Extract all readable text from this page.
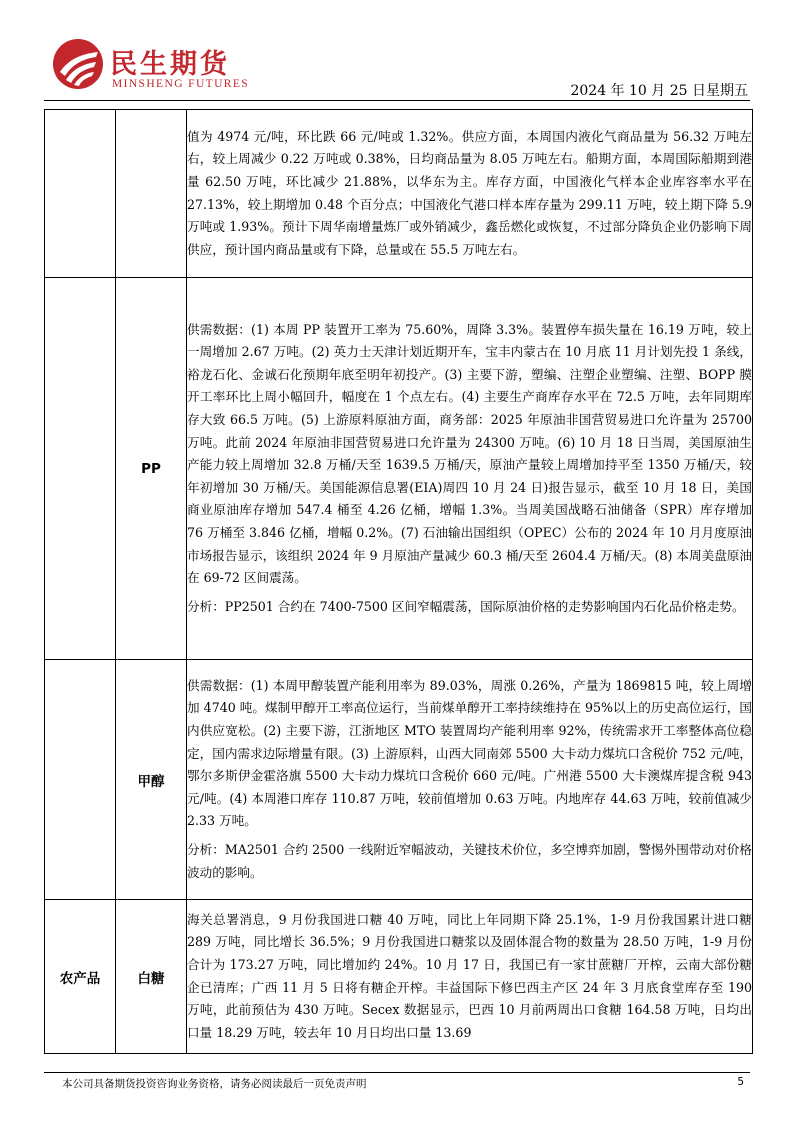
民生期货
MINSHENG FUTURES	2024 年 10 月 25 日星期五

		值为 4974 元/吨，环比跌 66 元/吨或 1.32%。供应方面，本周国内液化气商品量为 56.32 万吨左右，较上周减少 0.22 万吨或 0.38%，日均商品量为 8.05 万吨左右。船期方面，本周国际船期到港量 62.50 万吨，环比减少 21.88%，以华东为主。库存方面，中国液化气样本企业库容率水平在 27.13%，较上期增加 0.48 个百分点；中国液化气港口样本库存量为 299.11 万吨，较上期下降 5.9 万吨或 1.93%。预计下周华南增量炼厂或外销减少，鑫岳燃化或恢复，不过部分降负企业仍影响下周供应，预计国内商品量或有下降，总量或在 55.5 万吨左右。

	PP	供需数据：(1) 本周 PP 装置开工率为 75.60%，周降 3.3%。装置停车损失量在 16.19 万吨，较上一周增加 2.67 万吨。(2) 英力士天津计划近期开车，宝丰内蒙古在 10 月底 11 月计划先投 1 条线，裕龙石化、金诚石化预期年底至明年初投产。(3) 主要下游，塑编、注塑企业塑编、注塑、BOPP 膜开工率环比上周小幅回升，幅度在 1 个点左右。(4) 主要生产商库存水平在 72.5 万吨，去年同期库存大致 66.5 万吨。(5) 上游原料原油方面，商务部：2025 年原油非国营贸易进口允许量为 25700 万吨。此前 2024 年原油非国营贸易进口允许量为 24300 万吨。(6) 10 月 18 日当周，美国原油生产能力较上周增加 32.8 万桶/天至 1639.5 万桶/天，原油产量较上周增加持平至 1350 万桶/天，较年初增加 30 万桶/天。美国能源信息署(EIA)周四 10 月 24 日)报告显示，截至 10 月 18 日，美国商业原油库存增加 547.4 桶至 4.26 亿桶，增幅 1.3%。当周美国战略石油储备（SPR）库存增加 76 万桶至 3.846 亿桶，增幅 0.2%。(7) 石油输出国组织（OPEC）公布的 2024 年 10 月月度原油市场报告显示，该组织 2024 年 9 月原油产量减少 60.3 桶/天至 2604.4 万桶/天。(8) 本周美盘原油在 69-72 区间震荡。

分析：PP2501 合约在 7400-7500 区间窄幅震荡，国际原油价格的走势影响国内石化品价格走势。

	甲醇	供需数据：(1) 本周甲醇装置产能利用率为 89.03%，周涨 0.26%，产量为 1869815 吨，较上周增加 4740 吨。煤制甲醇开工率高位运行，当前煤单醇开工率持续维持在 95%以上的历史高位运行，国内供应宽松。(2) 主要下游，江浙地区 MTO 装置周均产能利用率 92%，传统需求开工率整体高位稳定，国内需求边际增量有限。(3) 上游原料，山西大同南郊 5500 大卡动力煤坑口含税价 752 元/吨，鄂尔多斯伊金霍洛旗 5500 大卡动力煤坑口含税价 660 元/吨。广州港 5500 大卡澳煤库提含税 943 元/吨。(4) 本周港口库存 110.87 万吨，较前值增加 0.63 万吨。内地库存 44.63 万吨，较前值减少 2.33 万吨。

分析：MA2501 合约 2500 一线附近窄幅波动，关键技术价位，多空博弈加剧，警惕外围带动对价格波动的影响。

农产品	白糖	海关总署消息，9 月份我国进口糖 40 万吨，同比上年同期下降 25.1%，1-9 月份我国累计进口糖 289 万吨，同比增长 36.5%；9 月份我国进口糖浆以及固体混合物的数量为 28.50 万吨，1-9 月份合计为 173.27 万吨，同比增加约 24%。10 月 17 日，我国已有一家甘蔗糖厂开榨，云南大部份糖企已清库；广西 11 月 5 日将有糖企开榨。丰益国际下修巴西主产区 24 年 3 月底食堂库存至 190 万吨，此前预估为 430 万吨。Secex 数据显示，巴西 10 月前两周出口食糖 164.58 万吨，日均出口量 18.29 万吨，较去年 10 月日均出口量 13.69

本公司具备期货投资咨询业务资格，请务必阅读最后一页免责声明	5
